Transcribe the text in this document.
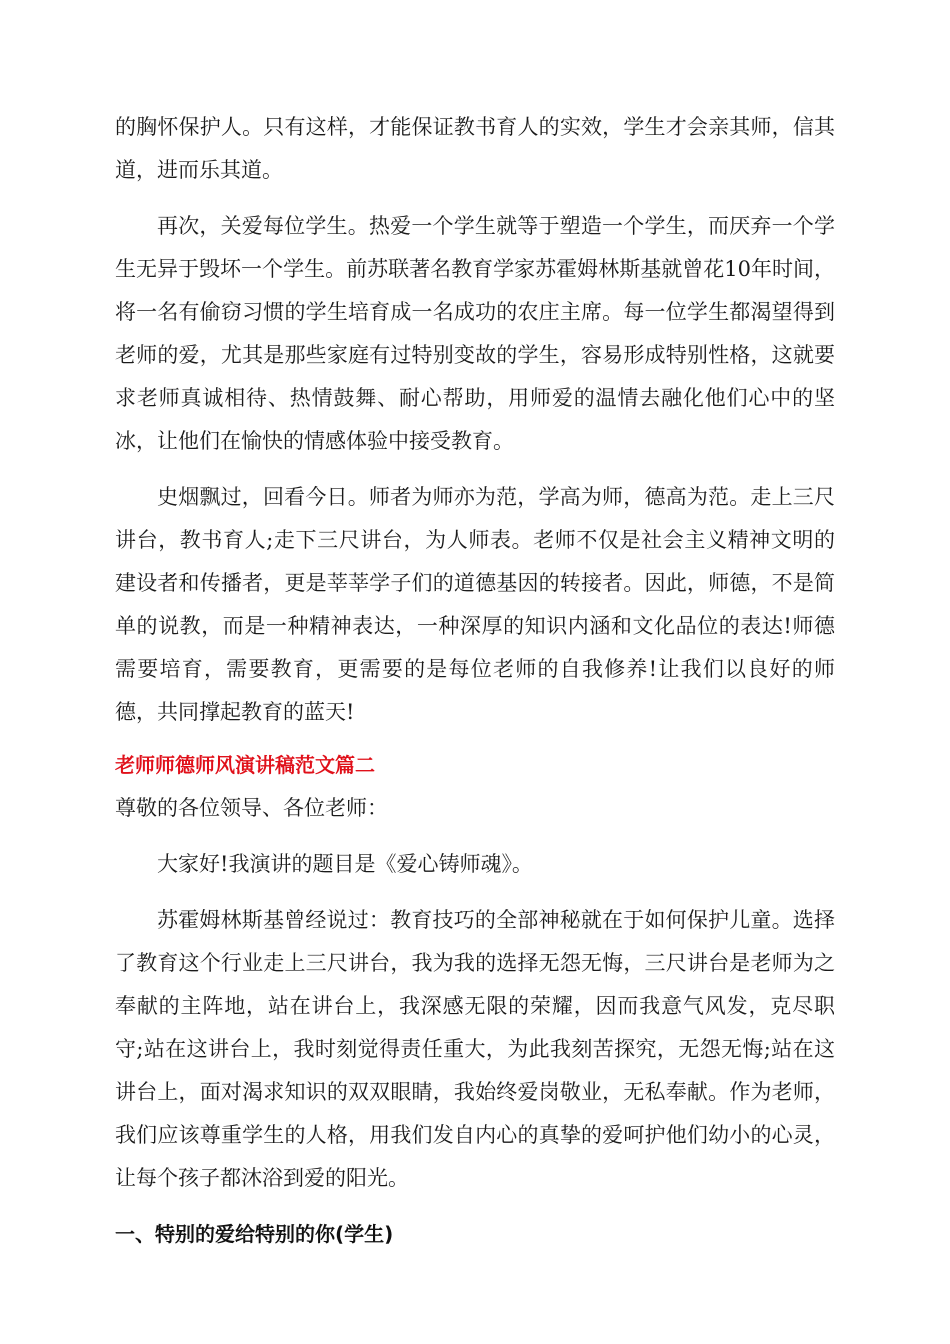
的胸怀保护人。只有这样，才能保证教书育人的实效，学生才会亲其师，信其道，进而乐其道。

再次，关爱每位学生。热爱一个学生就等于塑造一个学生，而厌弃一个学生无异于毁坏一个学生。前苏联著名教育学家苏霍姆林斯基就曾花10年时间，将一名有偷窃习惯的学生培育成一名成功的农庄主席。每一位学生都渴望得到老师的爱，尤其是那些家庭有过特别变故的学生，容易形成特别性格，这就要求老师真诚相待、热情鼓舞、耐心帮助，用师爱的温情去融化他们心中的坚冰，让他们在愉快的情感体验中接受教育。

史烟飘过，回看今日。师者为师亦为范，学高为师，德高为范。走上三尺讲台，教书育人;走下三尺讲台，为人师表。老师不仅是社会主义精神文明的建设者和传播者，更是莘莘学子们的道德基因的转接者。因此，师德，不是简单的说教，而是一种精神表达，一种深厚的知识内涵和文化品位的表达!师德需要培育，需要教育，更需要的是每位老师的自我修养!让我们以良好的师德，共同撑起教育的蓝天!

老师师德师风演讲稿范文篇二

尊敬的各位领导、各位老师：

大家好!我演讲的题目是《爱心铸师魂》。

苏霍姆林斯基曾经说过：教育技巧的全部神秘就在于如何保护儿童。选择了教育这个行业走上三尺讲台，我为我的选择无怨无悔，三尺讲台是老师为之奉献的主阵地，站在讲台上，我深感无限的荣耀，因而我意气风发，克尽职守;站在这讲台上，我时刻觉得责任重大，为此我刻苦探究，无怨无悔;站在这讲台上，面对渴求知识的双双眼睛，我始终爱岗敬业，无私奉献。作为老师，我们应该尊重学生的人格，用我们发自内心的真挚的爱呵护他们幼小的心灵，让每个孩子都沐浴到爱的阳光。

一、特别的爱给特别的你(学生)
